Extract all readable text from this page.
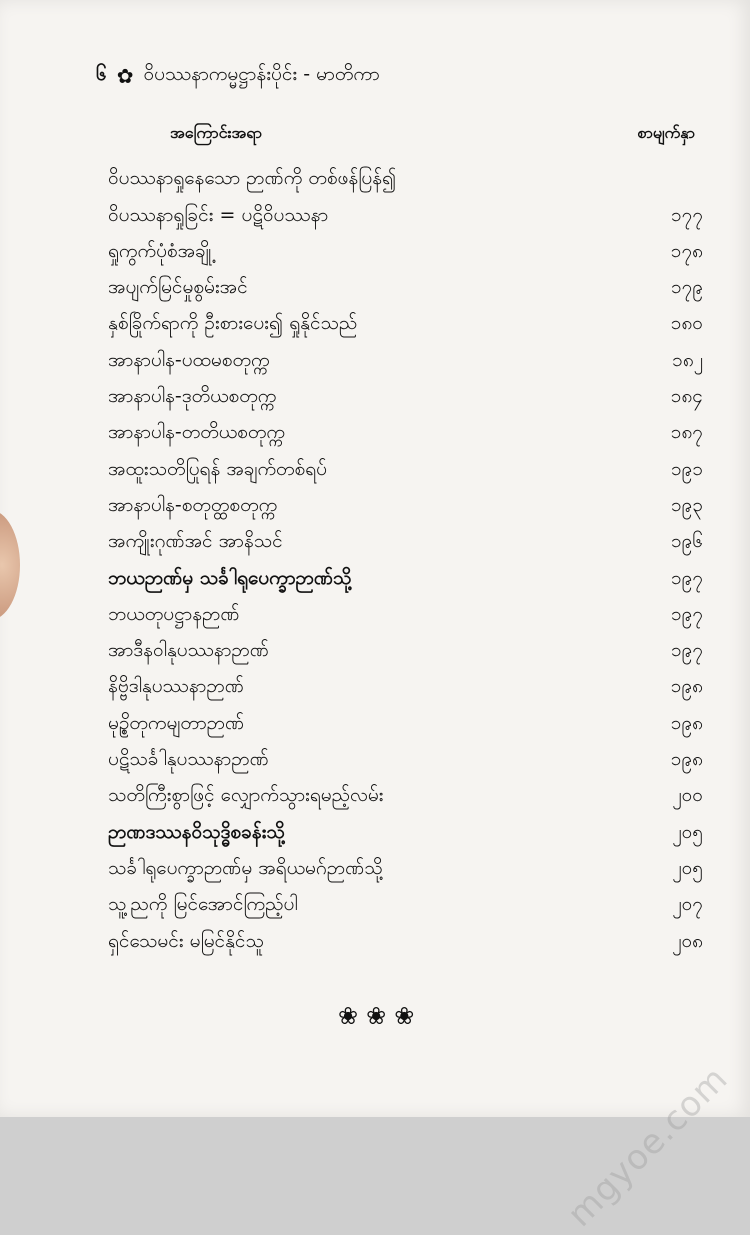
၆ ✿ ဝိပဿနာကမ္မဋ္ဌာန်းပိုင်း - မာတိကာ
အကြောင်းအရာ	စာမျက်နှာ
ဝိပဿနာရှုနေသော ဉာဏ်ကို တစ်ဖန်ပြန်၍
ဝိပဿနာရှုခြင်း = ပဋိဝိပဿနာ	၁၇၇
ရှုကွက်ပုံစံအချို့	၁၇၈
အပျက်မြင်မှုစွမ်းအင်	၁၇၉
နှစ်ခြိုက်ရာကို ဦးစားပေး၍ ရှုနိုင်သည်	၁၈၀
အာနာပါန-ပထမစတုက္က	၁၈၂
အာနာပါန-ဒုတိယစတုက္က	၁၈၄
အာနာပါန-တတိယစတုက္က	၁၈၇
အထူးသတိပြုရန် အချက်တစ်ရပ်	၁၉၁
အာနာပါန-စတုတ္ထစတုက္က	၁၉၃
အကျိုးဂုဏ်အင် အာနိသင်	၁၉၆
ဘယဉာဏ်မှ သင်္ခါရုပေက္ခာဉာဏ်သို့	၁၉၇
ဘယတုပဋ္ဌာနဉာဏ်	၁၉၇
အာဒီနဝါနုပဿနာဉာဏ်	၁၉၇
နိဗ္ဗိဒါနုပဿနာဉာဏ်	၁၉၈
မုဉ္စိတုကမျတာဉာဏ်	၁၉၈
ပဋိသင်္ခါနုပဿနာဉာဏ်	၁၉၈
သတိကြီးစွာဖြင့် လျှောက်သွားရမည့်လမ်း	၂၀၀
ဉာဏဒဿနဝိသုဒ္ဓိစခန်းသို့	၂၀၅
သင်္ခါရုပေက္ခာဉာဏ်မှ အရိယမဂ်ဉာဏ်သို့	၂၀၅
သူ့ညကို မြင်အောင်ကြည့်ပါ	၂၀၇
ရှင်သေမင်း မမြင်နိုင်သူ	၂၀၈
❀ ❀ ❀
mgyoe.com
